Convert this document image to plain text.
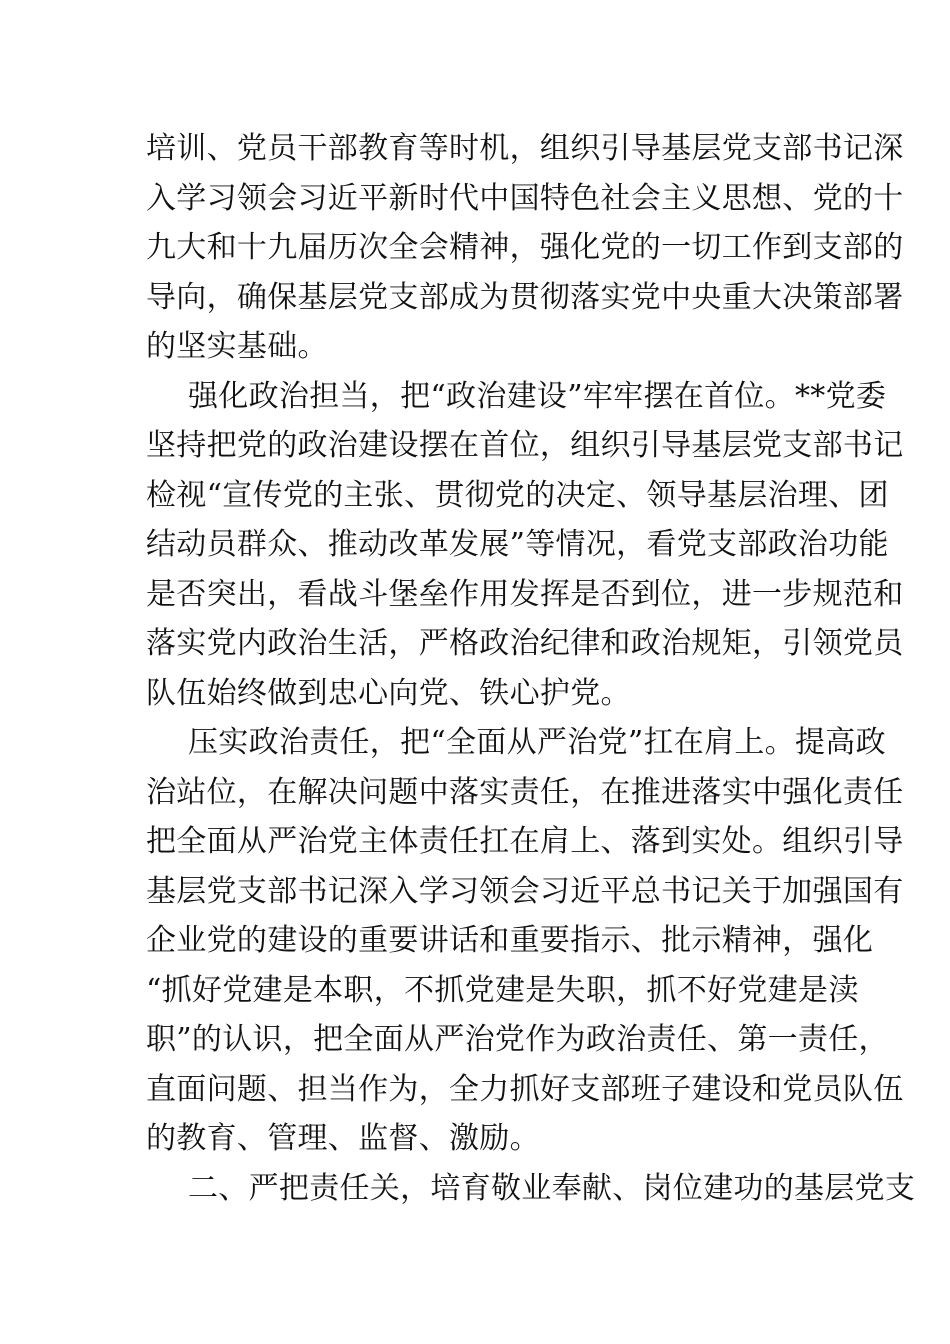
培训、党员干部教育等时机，组织引导基层党支部书记深
入学习领会习近平新时代中国特色社会主义思想、党的十
九大和十九届历次全会精神，强化党的一切工作到支部的
导向，确保基层党支部成为贯彻落实党中央重大决策部署
的坚实基础。

强化政治担当，把“政治建设”牢牢摆在首位。**党委
坚持把党的政治建设摆在首位，组织引导基层党支部书记
检视“宣传党的主张、贯彻党的决定、领导基层治理、团
结动员群众、推动改革发展”等情况，看党支部政治功能
是否突出，看战斗堡垒作用发挥是否到位，进一步规范和
落实党内政治生活，严格政治纪律和政治规矩，引领党员
队伍始终做到忠心向党、铁心护党。

压实政治责任，把“全面从严治党”扛在肩上。提高政
治站位，在解决问题中落实责任，在推进落实中强化责任
把全面从严治党主体责任扛在肩上、落到实处。组织引导
基层党支部书记深入学习领会习近平总书记关于加强国有
企业党的建设的重要讲话和重要指示、批示精神，强化
“抓好党建是本职，不抓党建是失职，抓不好党建是渎
职”的认识，把全面从严治党作为政治责任、第一责任，
直面问题、担当作为，全力抓好支部班子建设和党员队伍
的教育、管理、监督、激励。

二、严把责任关，培育敬业奉献、岗位建功的基层党支
